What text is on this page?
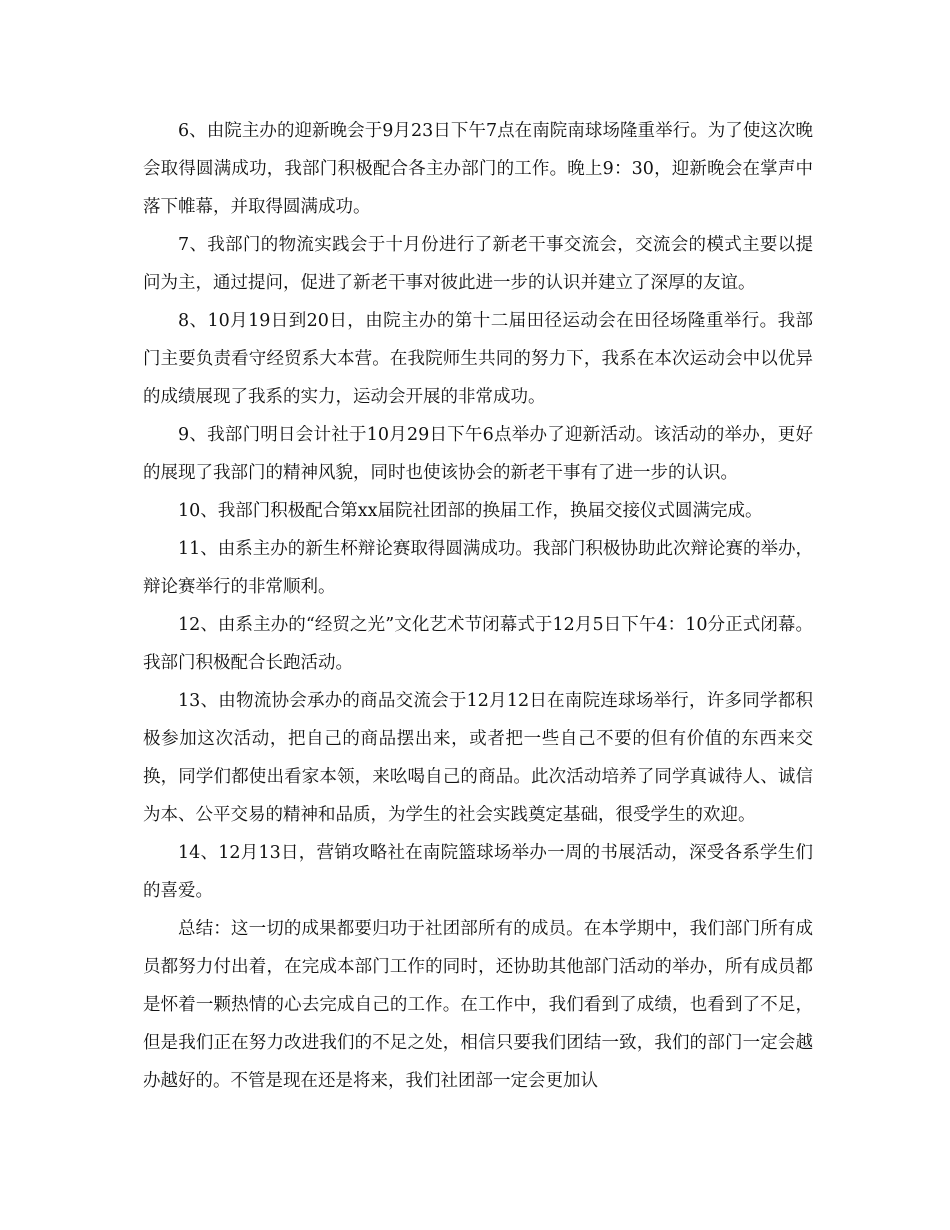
6、由院主办的迎新晚会于9月23日下午7点在南院南球场隆重举行。为了使这次晚会取得圆满成功，我部门积极配合各主办部门的工作。晚上9：30，迎新晚会在掌声中落下帷幕，并取得圆满成功。

7、我部门的物流实践会于十月份进行了新老干事交流会，交流会的模式主要以提问为主，通过提问，促进了新老干事对彼此进一步的认识并建立了深厚的友谊。

8、10月19日到20日，由院主办的第十二届田径运动会在田径场隆重举行。我部门主要负责看守经贸系大本营。在我院师生共同的努力下，我系在本次运动会中以优异的成绩展现了我系的实力，运动会开展的非常成功。

9、我部门明日会计社于10月29日下午6点举办了迎新活动。该活动的举办，更好的展现了我部门的精神风貌，同时也使该协会的新老干事有了进一步的认识。

10、我部门积极配合第xx届院社团部的换届工作，换届交接仪式圆满完成。

11、由系主办的新生杯辩论赛取得圆满成功。我部门积极协助此次辩论赛的举办，辩论赛举行的非常顺利。

12、由系主办的“经贸之光”文化艺术节闭幕式于12月5日下午4：10分正式闭幕。我部门积极配合长跑活动。

13、由物流协会承办的商品交流会于12月12日在南院连球场举行，许多同学都积极参加这次活动，把自己的商品摆出来，或者把一些自己不要的但有价值的东西来交换，同学们都使出看家本领，来吆喝自己的商品。此次活动培养了同学真诚待人、诚信为本、公平交易的精神和品质，为学生的社会实践奠定基础，很受学生的欢迎。

14、12月13日，营销攻略社在南院篮球场举办一周的书展活动，深受各系学生们的喜爱。

总结：这一切的成果都要归功于社团部所有的成员。在本学期中，我们部门所有成员都努力付出着，在完成本部门工作的同时，还协助其他部门活动的举办，所有成员都是怀着一颗热情的心去完成自己的工作。在工作中，我们看到了成绩，也看到了不足，但是我们正在努力改进我们的不足之处，相信只要我们团结一致，我们的部门一定会越办越好的。不管是现在还是将来，我们社团部一定会更加认
